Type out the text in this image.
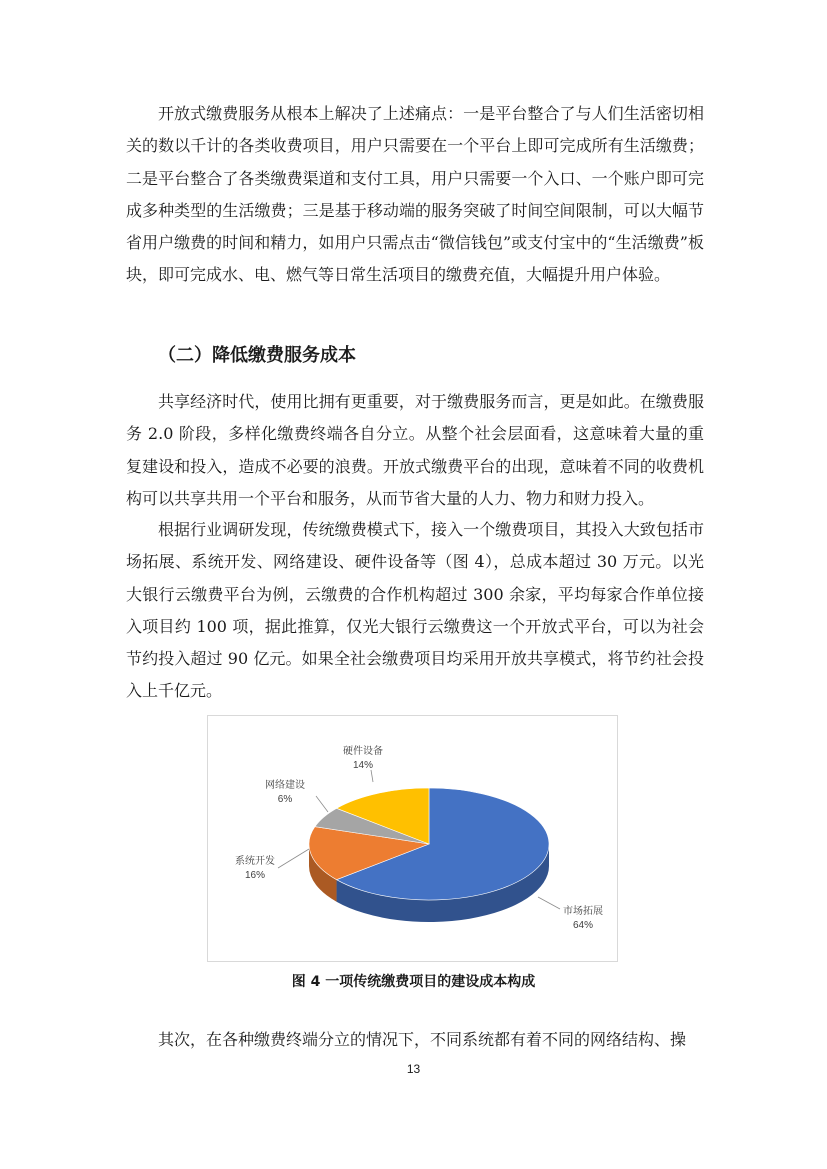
开放式缴费服务从根本上解决了上述痛点：一是平台整合了与人们生活密切相关的数以千计的各类收费项目，用户只需要在一个平台上即可完成所有生活缴费；二是平台整合了各类缴费渠道和支付工具，用户只需要一个入口、一个账户即可完成多种类型的生活缴费；三是基于移动端的服务突破了时间空间限制，可以大幅节省用户缴费的时间和精力，如用户只需点击“微信钱包”或支付宝中的“生活缴费”板块，即可完成水、电、燃气等日常生活项目的缴费充值，大幅提升用户体验。

（二）降低缴费服务成本

共享经济时代，使用比拥有更重要，对于缴费服务而言，更是如此。在缴费服务 2.0 阶段，多样化缴费终端各自分立。从整个社会层面看，这意味着大量的重复建设和投入，造成不必要的浪费。开放式缴费平台的出现，意味着不同的收费机构可以共享共用一个平台和服务，从而节省大量的人力、物力和财力投入。

根据行业调研发现，传统缴费模式下，接入一个缴费项目，其投入大致包括市场拓展、系统开发、网络建设、硬件设备等（图 4），总成本超过 30 万元。以光大银行云缴费平台为例，云缴费的合作机构超过 300 余家，平均每家合作单位接入项目约 100 项，据此推算，仅光大银行云缴费这一个开放式平台，可以为社会节约投入超过 90 亿元。如果全社会缴费项目均采用开放共享模式，将节约社会投入上千亿元。

市场拓展
64%
系统开发
16%
网络建设
6%
硬件设备
14%

图 4 一项传统缴费项目的建设成本构成

其次，在各种缴费终端分立的情况下，不同系统都有着不同的网络结构、操

13
